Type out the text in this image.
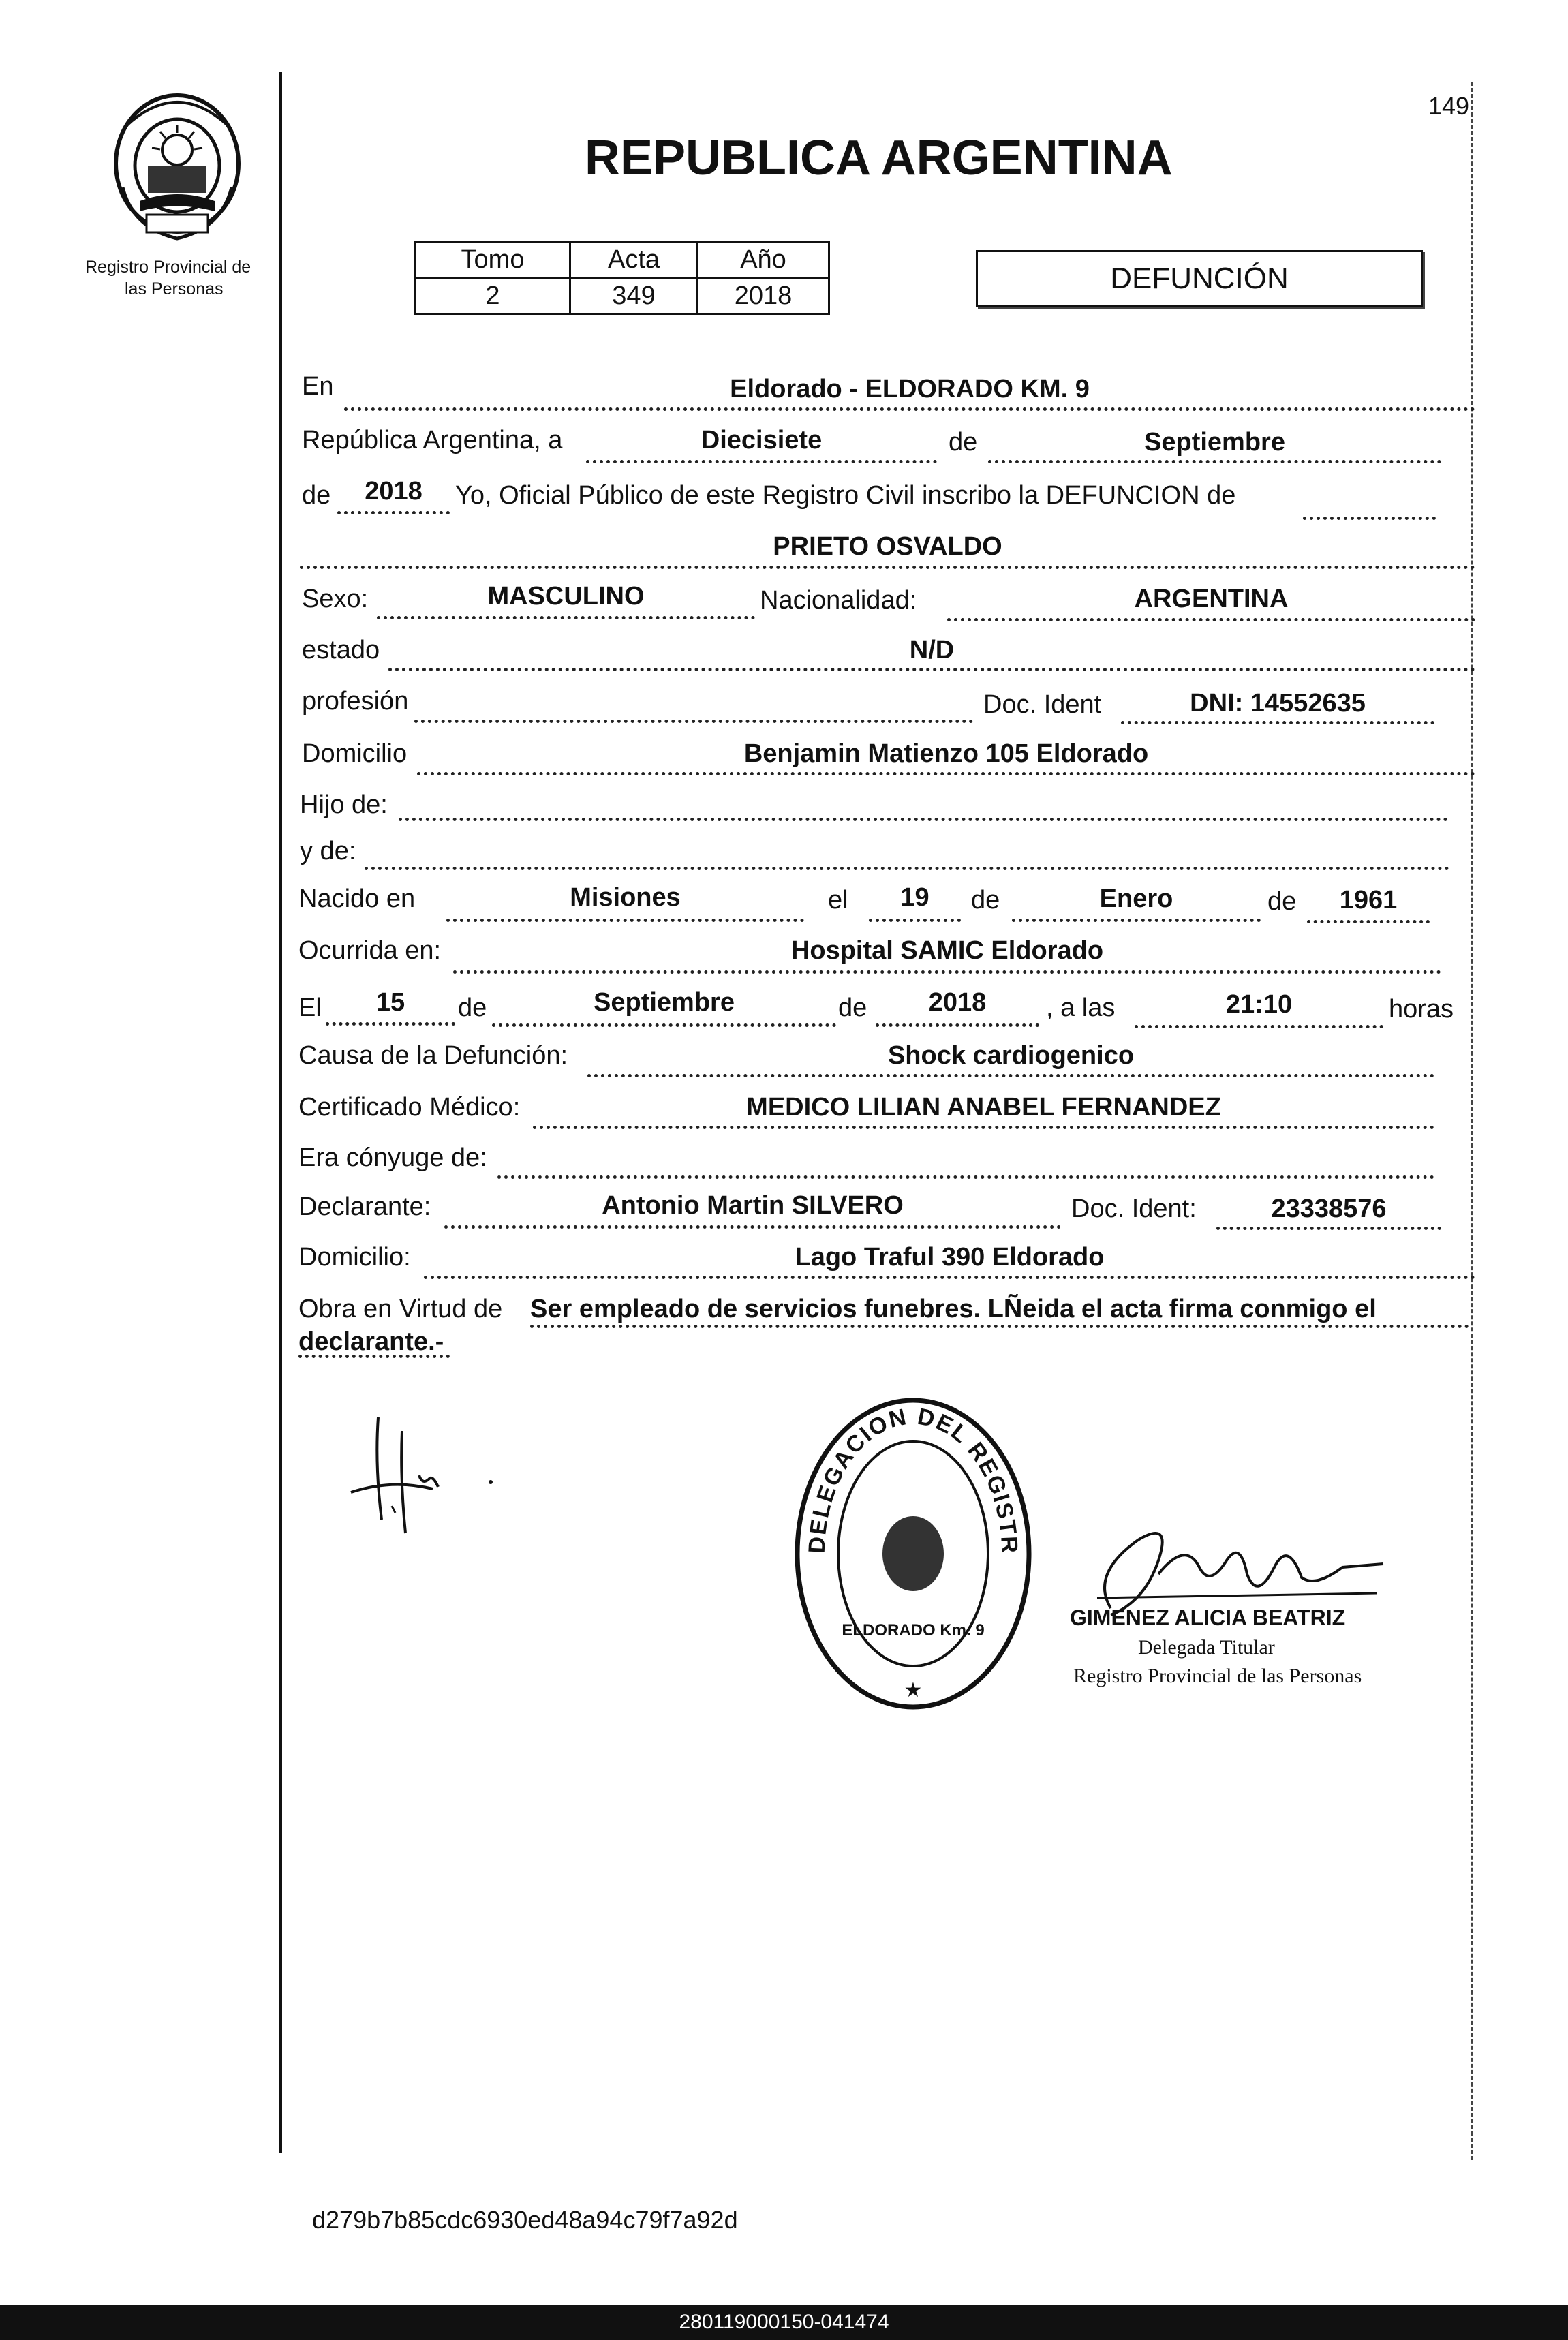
149
Registro Provincial de
las Personas
REPUBLICA ARGENTINA
Tomo	Acta	Año
2	349	2018
DEFUNCIÓN
En	Eldorado - ELDORADO KM. 9
República Argentina, a	Diecisiete	de	Septiembre
de	2018	Yo, Oficial Público de este Registro Civil inscribo la DEFUNCION de
PRIETO OSVALDO
Sexo:	MASCULINO	Nacionalidad:	ARGENTINA
estado	N/D
profesión	Doc. Ident	DNI: 14552635
Domicilio	Benjamin Matienzo 105 Eldorado
Hijo de:
y de:
Nacido en	Misiones	el	19	de	Enero	de	1961
Ocurrida en:	Hospital SAMIC Eldorado
El	15	de	Septiembre	de	2018	, a las	21:10	horas
Causa de la Defunción:	Shock cardiogenico
Certificado Médico:	MEDICO LILIAN ANABEL FERNANDEZ
Era cónyuge de:
Declarante:	Antonio Martin SILVERO	Doc. Ident:	23338576
Domicilio:	Lago Traful 390 Eldorado
Obra en Virtud de Ser empleado de servicios funebres. LÑeida el acta firma conmigo el
declarante.-
DELEGACION DEL REGISTR
ELDORADO Km. 9
★
GIMENEZ ALICIA BEATRIZ
Delegada Titular
Registro Provincial de las Personas
d279b7b85cdc6930ed48a94c79f7a92d
280119000150-041474
